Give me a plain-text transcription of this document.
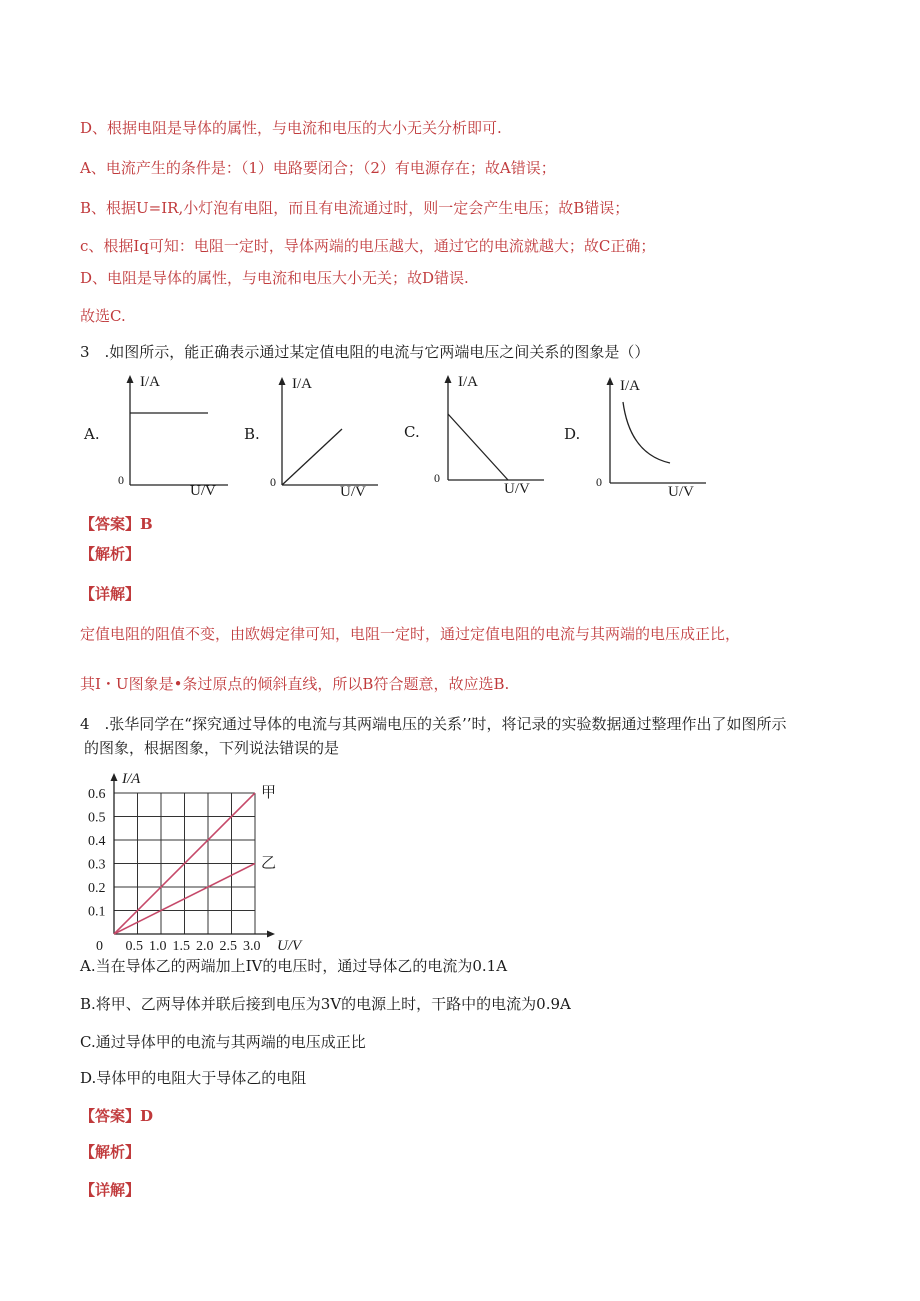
D、根据电阻是导体的属性，与电流和电压的大小无关分析即可.
A、电流产生的条件是：（1）电路要闭合；（2）有电源存在；故A错误；
B、根据U=IR,小灯泡有电阻，而且有电流通过时，则一定会产生电压；故B错误；
c、根据Iq可知：电阻一定时，导体两端的电压越大，通过它的电流就越大；故C正确；
D、电阻是导体的属性，与电流和电压大小无关；故D错误.
故选C.
3　.如图所示，能正确表示通过某定值电阻的电流与它两端电压之间关系的图象是（）
A.
I/A
0
U/V
B.
I/A
0
U/V
C.
I/A
0
U/V
D.
I/A
0
U/V
【答案】B
【解析】
【详解】
定值电阻的阻值不变，由欧姆定律可知，电阻一定时，通过定值电阻的电流与其两端的电压成正比，
其I・U图象是•条过原点的倾斜直线，所以B符合题意，故应选B.
4　.张华同学在“探究通过导体的电流与其两端电压的关系’’时，将记录的实验数据通过整理作出了如图所示
的图象，根据图象，下列说法错误的是
0.1
0.2
0.3
0.4
0.5
0.6
0.5 1.0 1.5 2.0 2.5 3.0
0
I/A
U/V
甲
乙
A.当在导体乙的两端加上IV的电压时，通过导体乙的电流为0.1A
B.将甲、乙两导体并联后接到电压为3V的电源上时，干路中的电流为0.9A
C.通过导体甲的电流与其两端的电压成正比
D.导体甲的电阻大于导体乙的电阻
【答案】D
【解析】
【详解】
